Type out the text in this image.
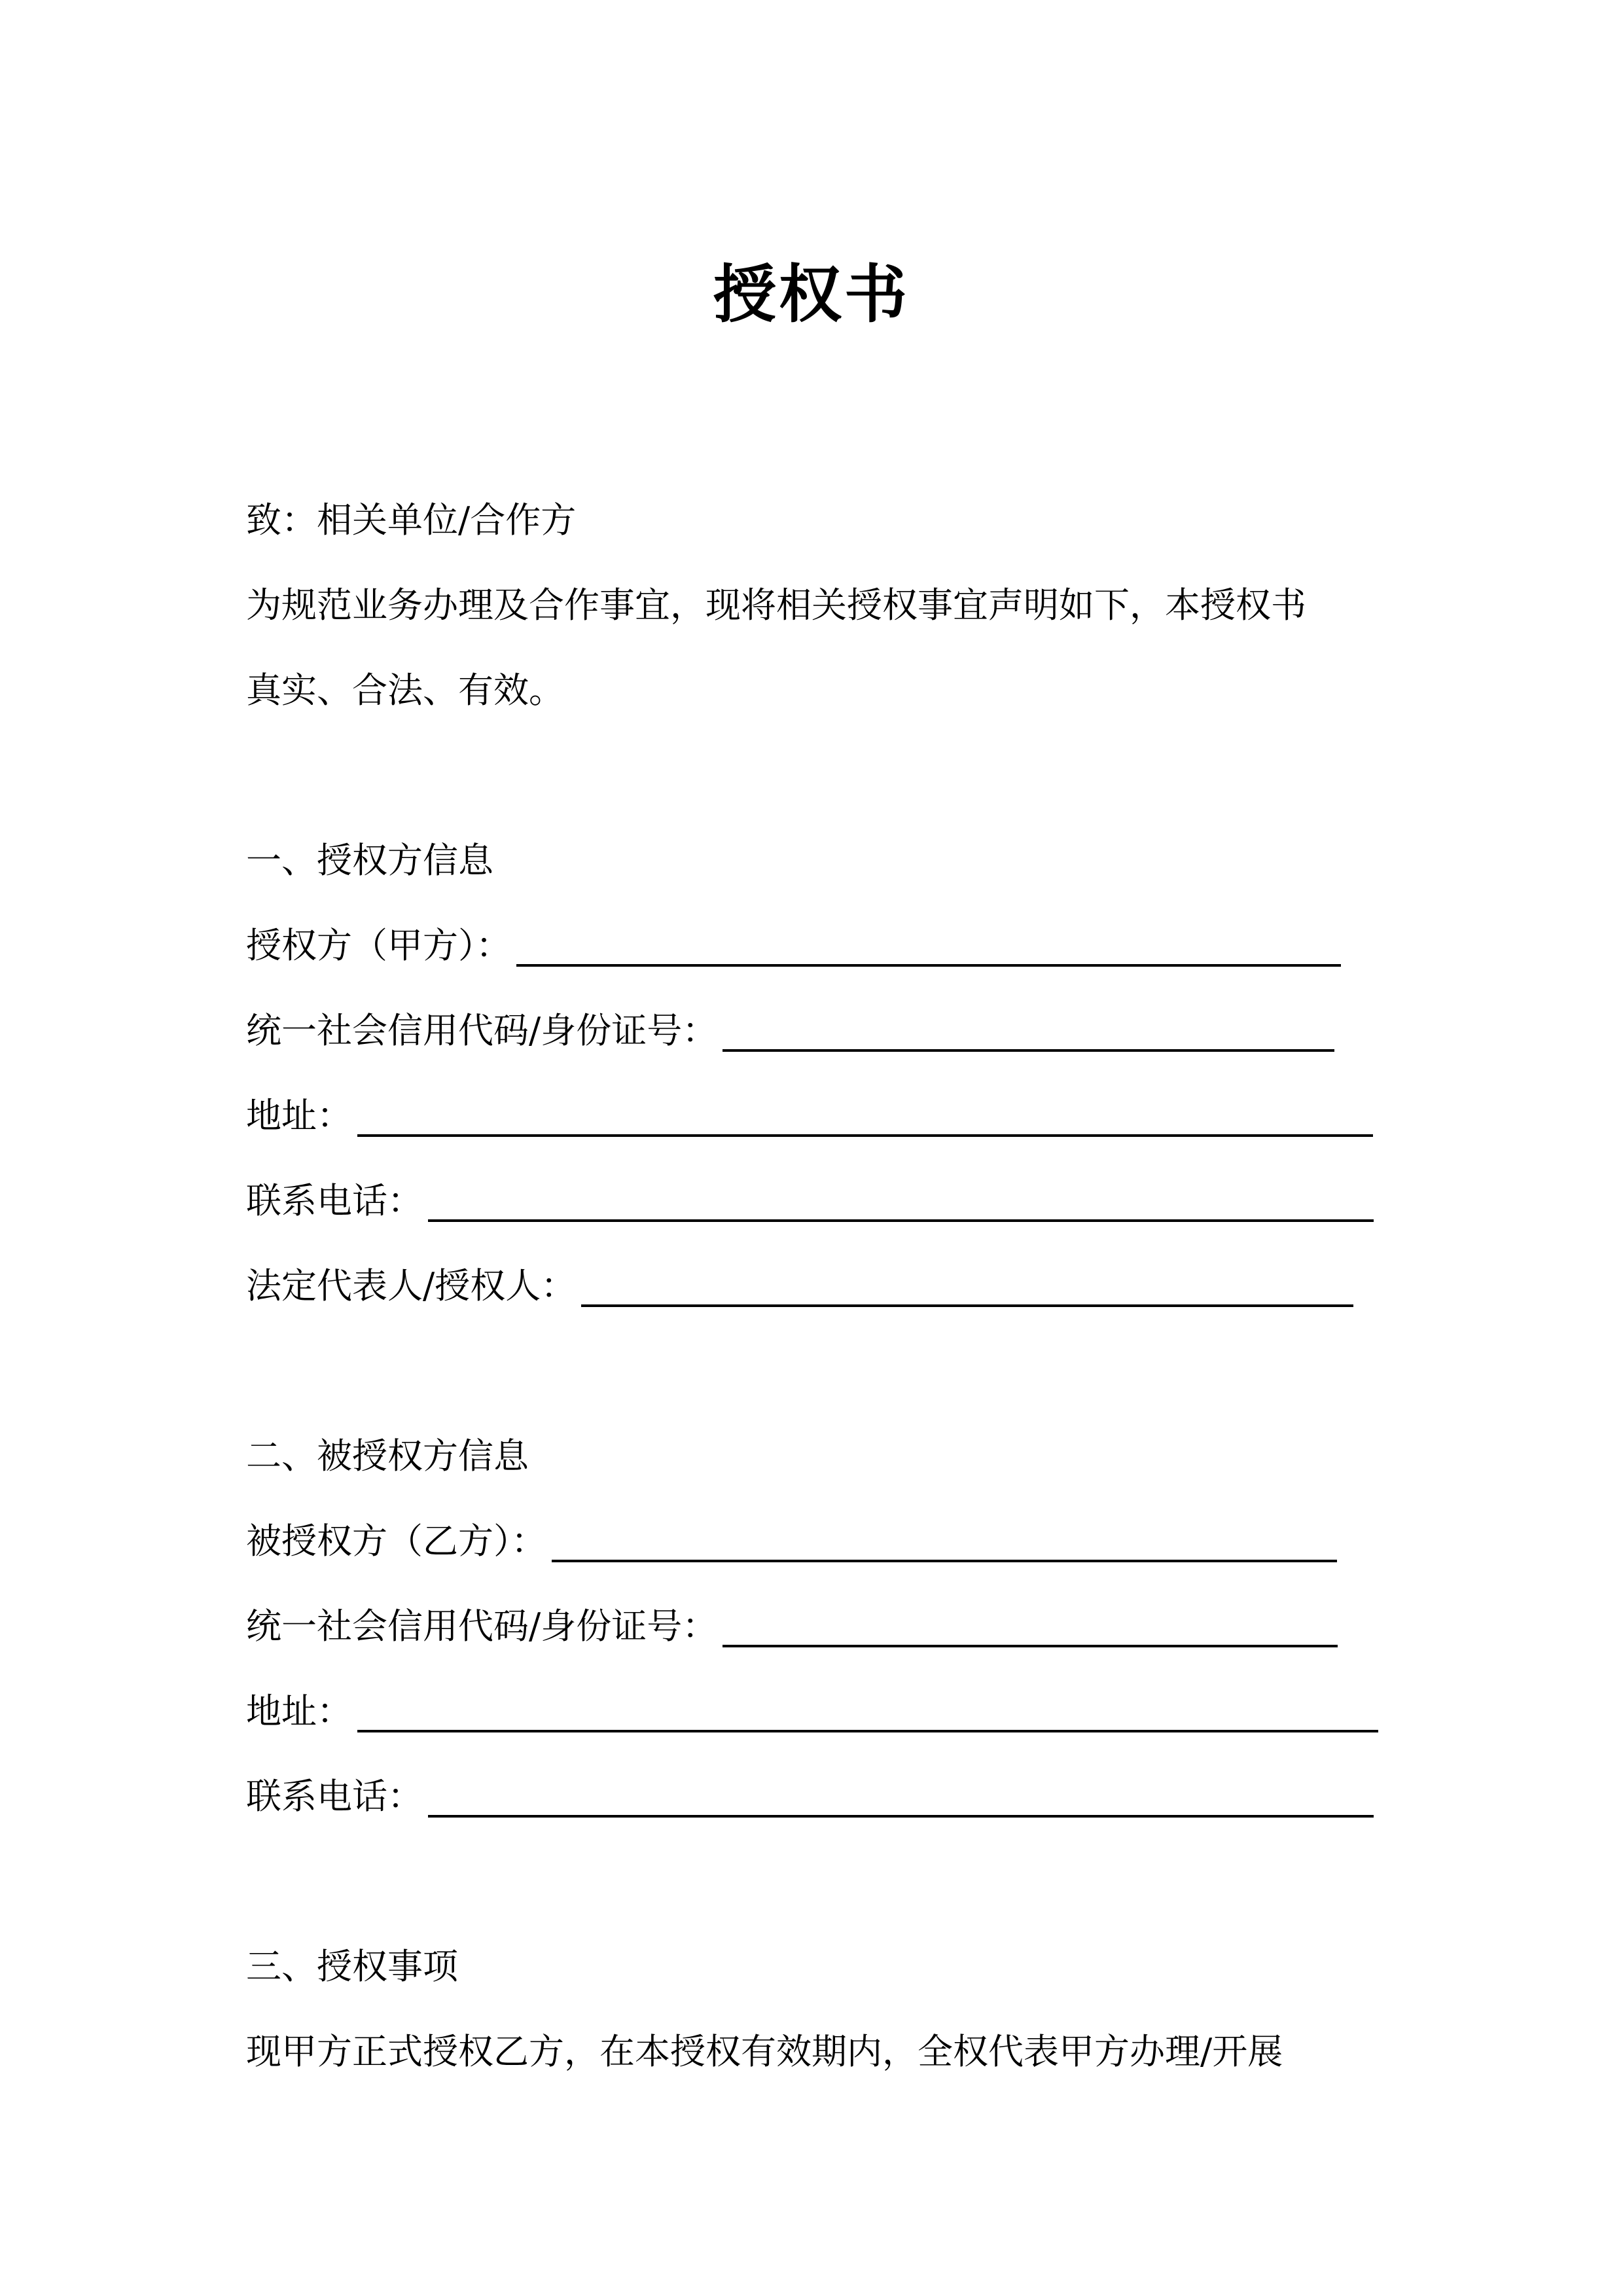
授权书
致：相关单位/合作方
为规范业务办理及合作事宜，现将相关授权事宜声明如下，本授权书
真实、合法、有效。
一、授权方信息
授权方（甲方）：
统一社会信用代码/身份证号：
地址：
联系电话：
法定代表人/授权人：
二、被授权方信息
被授权方（乙方）：
统一社会信用代码/身份证号：
地址：
联系电话：
三、授权事项
现甲方正式授权乙方，在本授权有效期内，全权代表甲方办理/开展
